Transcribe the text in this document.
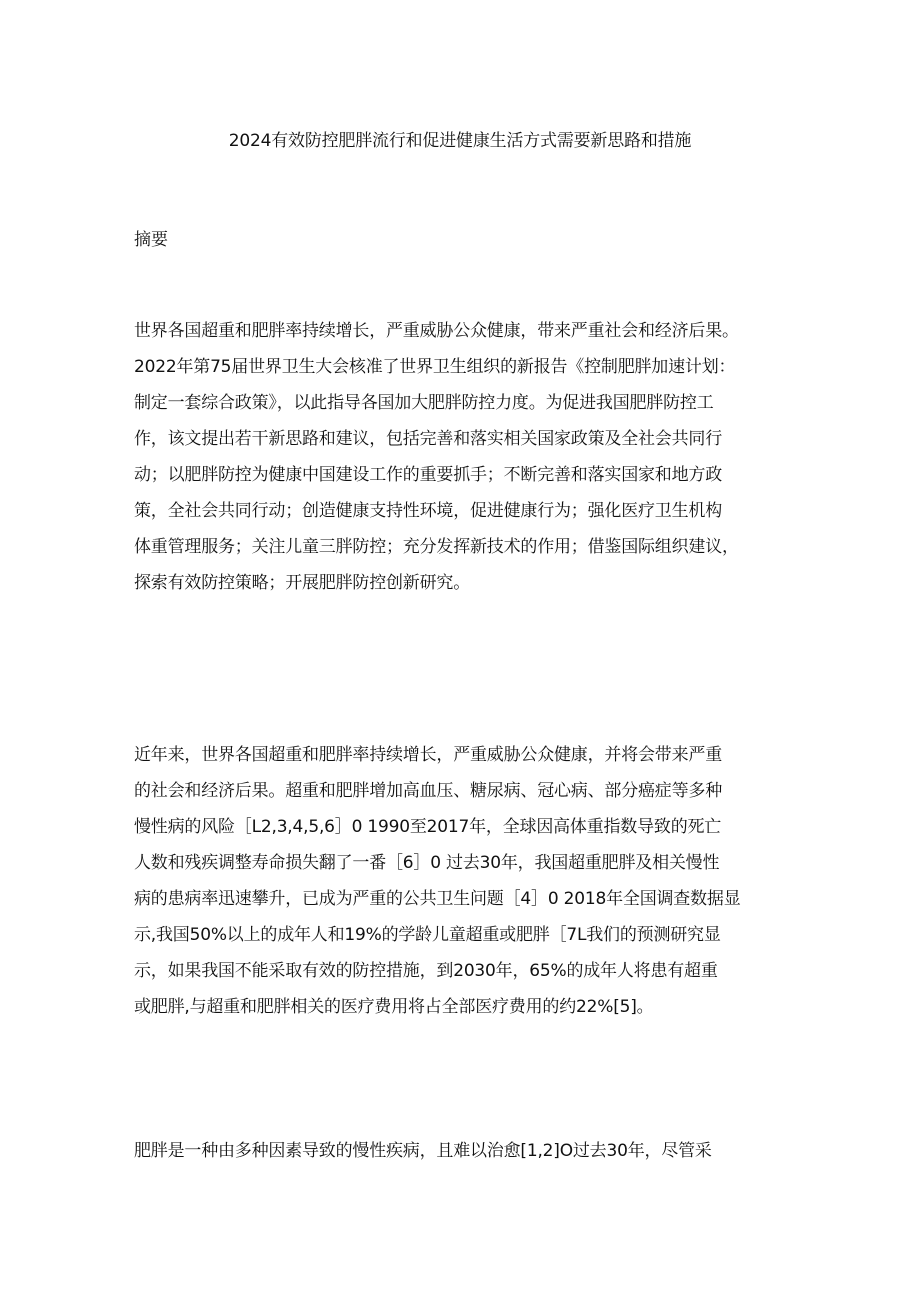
2024有效防控肥胖流行和促进健康生活方式需要新思路和措施
摘要

世界各国超重和肥胖率持续增长，严重威胁公众健康，带来严重社会和经济后果。
2022年第75届世界卫生大会核准了世界卫生组织的新报告《控制肥胖加速计划：
制定一套综合政策》，以此指导各国加大肥胖防控力度。为促进我国肥胖防控工
作，该文提出若干新思路和建议，包括完善和落实相关国家政策及全社会共同行
动；以肥胖防控为健康中国建设工作的重要抓手；不断完善和落实国家和地方政
策，全社会共同行动；创造健康支持性环境，促进健康行为；强化医疗卫生机构
体重管理服务；关注儿童三胖防控；充分发挥新技术的作用；借鉴国际组织建议，
探索有效防控策略；开展肥胖防控创新研究。

近年来，世界各国超重和肥胖率持续增长，严重威胁公众健康，并将会带来严重
的社会和经济后果。超重和肥胖增加高血压、糖尿病、冠心病、部分癌症等多种
慢性病的风险［L2,3,4,5,6］0 1990至2017年，全球因高体重指数导致的死亡
人数和残疾调整寿命损失翻了一番［6］0 过去30年，我国超重肥胖及相关慢性
病的患病率迅速攀升，已成为严重的公共卫生问题［4］0 2018年全国调查数据显
示,我国50%以上的成年人和19%的学龄儿童超重或肥胖［7L我们的预测研究显
示，如果我国不能采取有效的防控措施，到2030年，65%的成年人将患有超重
或肥胖,与超重和肥胖相关的医疗费用将占全部医疗费用的约22%[5]。

肥胖是一种由多种因素导致的慢性疾病，且难以治愈[1,2]O过去30年，尽管采
